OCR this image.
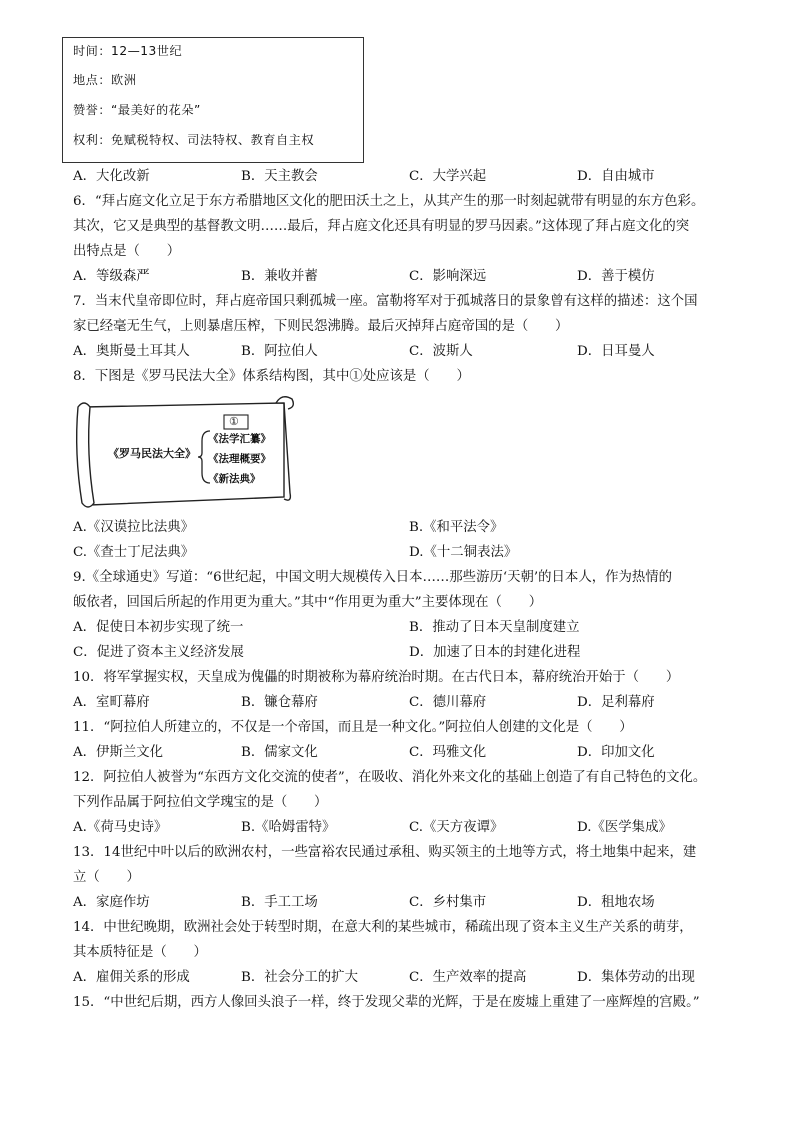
时间：12—13世纪
地点：欧洲
赞誉：“最美好的花朵”
权利：免赋税特权、司法特权、教育自主权
A．大化改新	B．天主教会	C．大学兴起	D．自由城市
6．“拜占庭文化立足于东方希腊地区文化的肥田沃土之上，从其产生的那一时刻起就带有明显的东方色彩。
其次，它又是典型的基督教文明……最后，拜占庭文化还具有明显的罗马因素。”这体现了拜占庭文化的突
出特点是（　　）
A．等级森严	B．兼收并蓄	C．影响深远	D．善于模仿
7．当末代皇帝即位时，拜占庭帝国只剩孤城一座。富勒将军对于孤城落日的景象曾有这样的描述：这个国
家已经毫无生气，上则暴虐压榨，下则民怨沸腾。最后灭掉拜占庭帝国的是（　　）
A．奥斯曼土耳其人	B．阿拉伯人	C．波斯人	D．日耳曼人
8．下图是《罗马民法大全》体系结构图，其中①处应该是（　　）
《罗马民法大全》
①
《法学汇纂》
《法理概要》
《新法典》
A.《汉谟拉比法典》	B.《和平法令》
C.《查士丁尼法典》	D.《十二铜表法》
9.《全球通史》写道：“6世纪起，中国文明大规模传入日本……那些游历‘天朝’的日本人，作为热情的
皈依者，回国后所起的作用更为重大。”其中“作用更为重大”主要体现在（　　）
A．促使日本初步实现了统一	B．推动了日本天皇制度建立
C．促进了资本主义经济发展	D．加速了日本的封建化进程
10．将军掌握实权，天皇成为傀儡的时期被称为幕府统治时期。在古代日本，幕府统治开始于（　　）
A．室町幕府	B．镰仓幕府	C．德川幕府	D．足利幕府
11．“阿拉伯人所建立的，不仅是一个帝国，而且是一种文化。”阿拉伯人创建的文化是（　　）
A．伊斯兰文化	B．儒家文化	C．玛雅文化	D．印加文化
12．阿拉伯人被誉为“东西方文化交流的使者”，在吸收、消化外来文化的基础上创造了有自己特色的文化。
下列作品属于阿拉伯文学瑰宝的是（　　）
A.《荷马史诗》	B.《哈姆雷特》	C.《天方夜谭》	D.《医学集成》
13．14世纪中叶以后的欧洲农村，一些富裕农民通过承租、购买领主的土地等方式，将土地集中起来，建
立（　　）
A．家庭作坊	B．手工工场	C．乡村集市	D．租地农场
14．中世纪晚期，欧洲社会处于转型时期，在意大利的某些城市，稀疏出现了资本主义生产关系的萌芽，
其本质特征是（　　）
A．雇佣关系的形成	B．社会分工的扩大	C．生产效率的提高	D．集体劳动的出现
15．“中世纪后期，西方人像回头浪子一样，终于发现父辈的光辉，于是在废墟上重建了一座辉煌的宫殿。”
